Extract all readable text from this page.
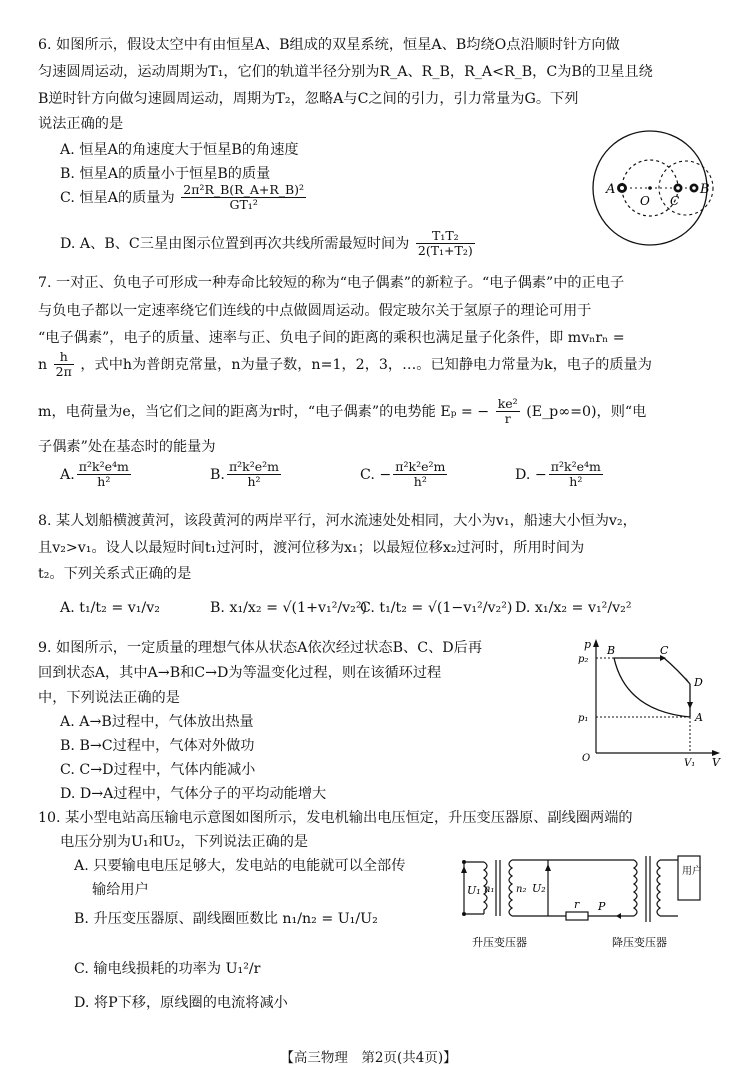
6. 如图所示，假设太空中有由恒星A、B组成的双星系统，恒星A、B均绕O点沿顺时针方向做
匀速圆周运动，运动周期为T₁，它们的轨道半径分别为R_A、R_B，R_A<R_B，C为B的卫星且绕
B逆时针方向做匀速圆周运动，周期为T₂，忽略A与C之间的引力，引力常量为G。下列
说法正确的是
A. 恒星A的角速度大于恒星B的角速度
B. 恒星A的质量小于恒星B的质量
C. 恒星A的质量为 $\frac{\text{2π²R\_B(R\_A+R\_B)²}}{\text{GT₁²}}$
D. A、B、C三星由图示位置到再次共线所需最短时间为 $\frac{\text{T₁T₂}}{\text{2(T₁+T₂)}}$
A
O C
B
7. 一对正、负电子可形成一种寿命比较短的称为“电子偶素”的新粒子。“电子偶素”中的正电子
与负电子都以一定速率绕它们连线的中点做圆周运动。假定玻尔关于氢原子的理论可用于
“电子偶素”，电子的质量、速率与正、负电子间的距离的乘积也满足量子化条件，即 mvₙrₙ =
n $\frac{h}{2\pi}$ ，式中h为普朗克常量，n为量子数，n=1，2，3，…。已知静电力常量为k，电子的质量为
m，电荷量为e，当它们之间的距离为r时，“电子偶素”的电势能 Eₚ = − $\frac{\text{ke²}}{r}$ (E_p∞=0)，则“电
子偶素”处在基态时的能量为
A. $\frac{\text{π²k²e⁴m}}{\text{h²}}$	B. $\frac{\text{π²k²e²m}}{\text{h²}}$	C. − $\frac{\text{π²k²e²m}}{\text{h²}}$	D. − $\frac{\text{π²k²e⁴m}}{\text{h²}}$
8. 某人划船横渡黄河，该段黄河的两岸平行，河水流速处处相同，大小为v₁，船速大小恒为v₂，
且v₂>v₁。设人以最短时间t₁过河时，渡河位移为x₁；以最短位移x₂过河时，所用时间为
t₂。下列关系式正确的是
A. t₁/t₂ = v₁/v₂	B. x₁/x₂ = √(1+v₁²/v₂²)
C. t₁/t₂ = √(1−v₁²/v₂²) D. x₁/x₂ = v₁²/v₂²
9. 如图所示，一定质量的理想气体从状态A依次经过状态B、C、D后再
回到状态A，其中A→B和C→D为等温变化过程，则在该循环过程
中，下列说法正确的是
A. A→B过程中，气体放出热量
B. B→C过程中，气体对外做功
C. C→D过程中，气体内能减小
D. D→A过程中，气体分子的平均动能增大
p
p₂
p₁
O	V₁ V
B	C
D
A
10. 某小型电站高压输电示意图如图所示，发电机输出电压恒定，升压变压器原、副线圈两端的
电压分别为U₁和U₂，下列说法正确的是
A. 只要输电电压足够大，发电站的电能就可以全部传
输给用户
B. 升压变压器原、副线圈匝数比 n₁/n₂ = U₁/U₂
C. 输电线损耗的功率为 U₁²/r
D. 将P下移，原线圈的电流将减小
U₁ n₁ n₂ U₂
r P
用户
升压变压器	降压变压器
【高三物理　第2页(共4页)】
